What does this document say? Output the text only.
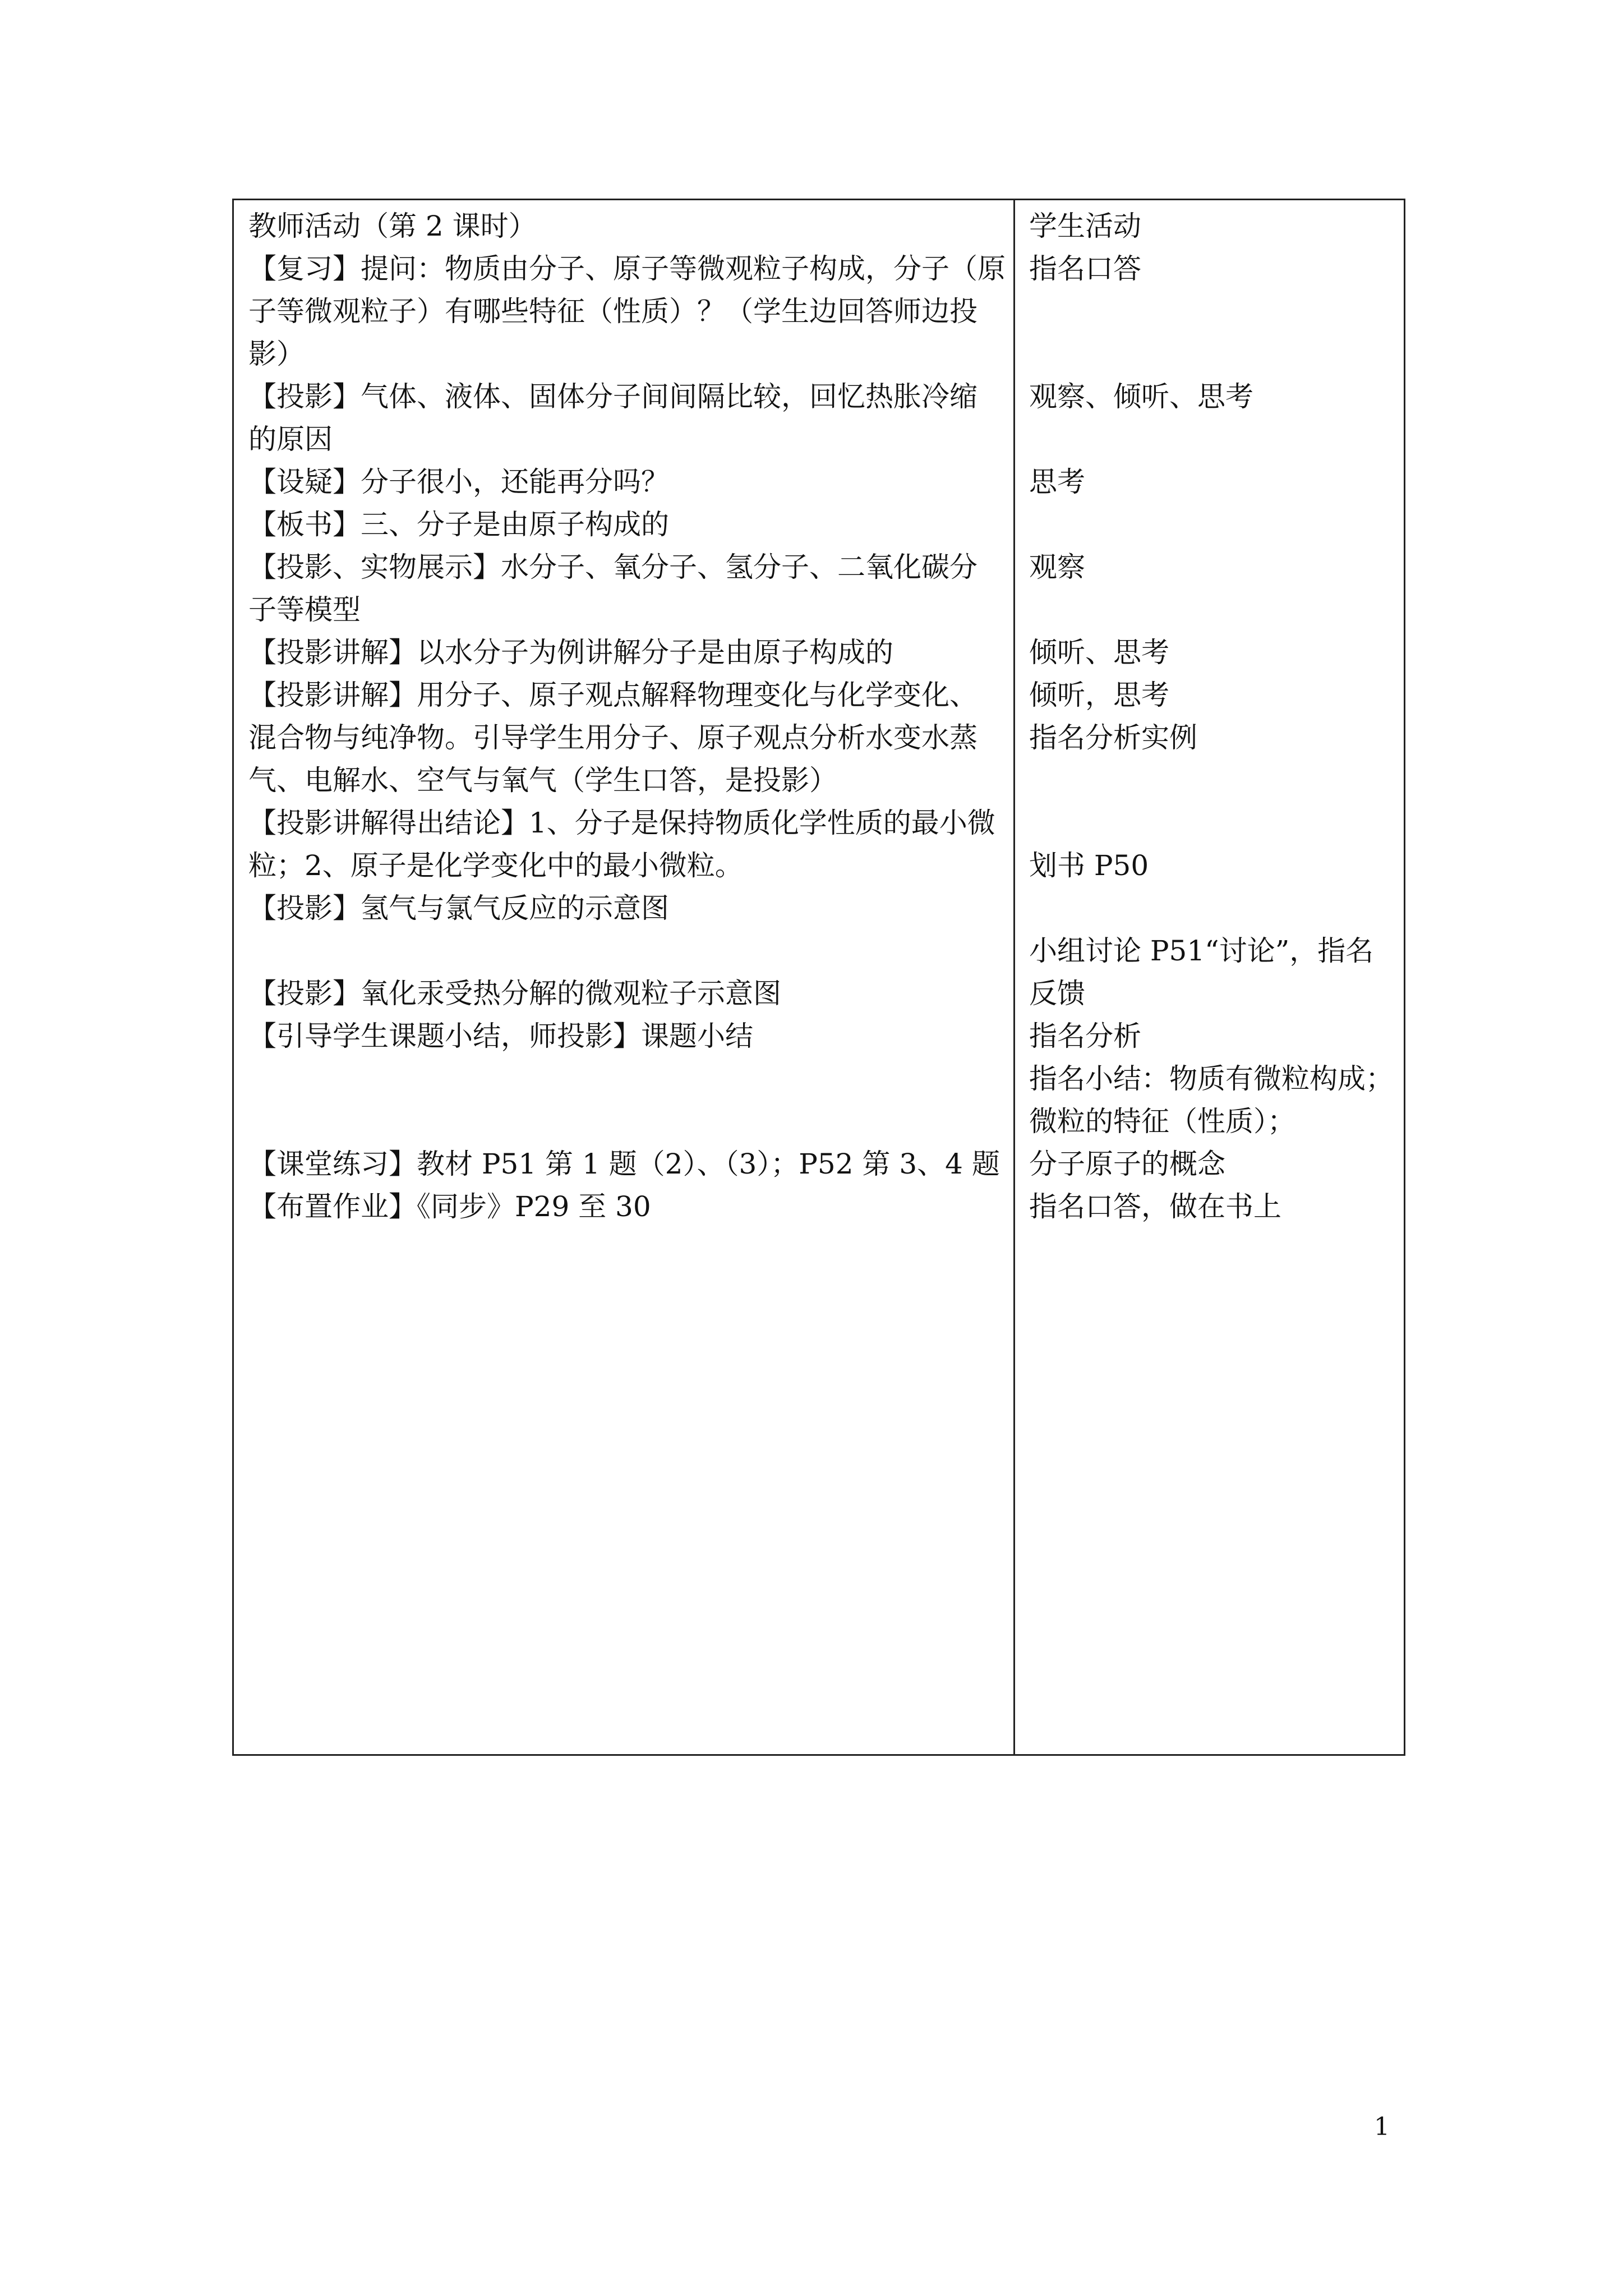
教师活动（第 2 课时）
【复习】提问：物质由分子、原子等微观粒子构成，分子（原
子等微观粒子）有哪些特征（性质）？（学生边回答师边投
影）
【投影】气体、液体、固体分子间间隔比较，回忆热胀冷缩
的原因
【设疑】分子很小，还能再分吗？
【板书】三、分子是由原子构成的
【投影、实物展示】水分子、氧分子、氢分子、二氧化碳分
子等模型
【投影讲解】以水分子为例讲解分子是由原子构成的
【投影讲解】用分子、原子观点解释物理变化与化学变化、
混合物与纯净物。引导学生用分子、原子观点分析水变水蒸
气、电解水、空气与氧气（学生口答，是投影）
【投影讲解得出结论】1、分子是保持物质化学性质的最小微
粒；2、原子是化学变化中的最小微粒。
【投影】氢气与氯气反应的示意图
【投影】氧化汞受热分解的微观粒子示意图
【引导学生课题小结，师投影】课题小结
【课堂练习】教材 P51 第 1 题（2）、（3）；P52 第 3、4 题
【布置作业】《同步》P29 至 30
学生活动
指名口答
观察、倾听、思考
思考
观察
倾听、思考
倾听，思考
指名分析实例
划书 P50
小组讨论 P51“讨论”，指名
反馈
指名分析
指名小结：物质有微粒构成；
微粒的特征（性质）；
分子原子的概念
指名口答，做在书上
1
